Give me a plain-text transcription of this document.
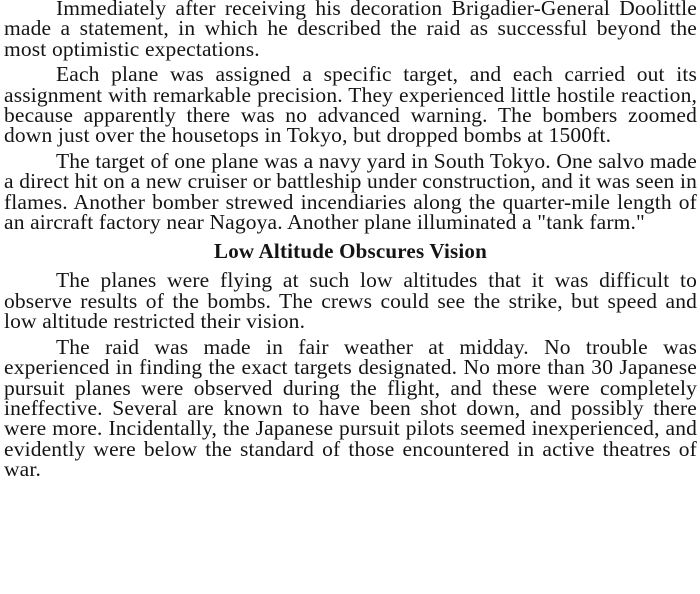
Immediately after receiving his decoration Brigadier-General Doolittle made a statement, in which he described the raid as successful beyond the most optimistic expectations.

Each plane was assigned a specific target, and each carried out its assignment with remarkable precision. They experienced little hostile reaction, because apparently there was no advanced warning. The bombers zoomed down just over the housetops in Tokyo, but dropped bombs at 1500ft.

The target of one plane was a navy yard in South Tokyo. One salvo made a direct hit on a new cruiser or battleship under construction, and it was seen in flames. Another bomber strewed incendiaries along the quarter-mile length of an aircraft factory near Nagoya. Another plane illuminated a "tank farm."

Low Altitude Obscures Vision

The planes were flying at such low altitudes that it was difficult to observe results of the bombs. The crews could see the strike, but speed and low altitude restricted their vision.

The raid was made in fair weather at midday. No trouble was experienced in finding the exact targets designated. No more than 30 Japanese pursuit planes were observed during the flight, and these were completely ineffective. Several are known to have been shot down, and possibly there were more. Incidentally, the Japanese pursuit pilots seemed inexperienced, and evidently were below the standard of those encountered in active theatres of war.
